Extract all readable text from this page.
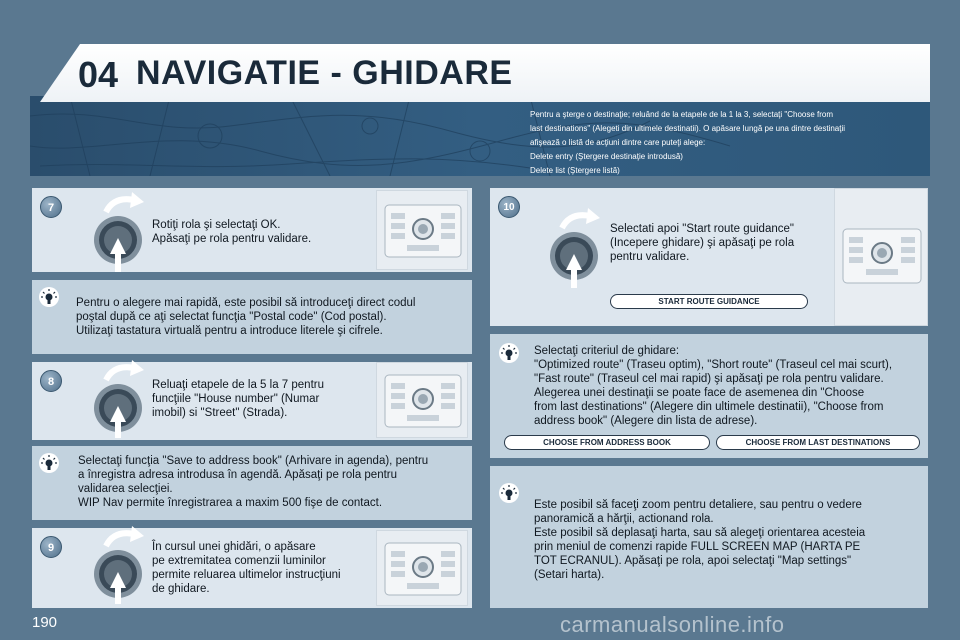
04 NAVIGATIE - GHIDARE
Pentru a şterge o destinaţie; reluând de la etapele de la 1 la 3, selectaţi "Choose from
last destinations" (Alegeti din ultimele destinatii). O apăsare lungă pe una dintre destinaţii
afişează o listă de acţiuni dintre care puteţi alege:
Delete entry (Ştergere destinaţie introdusă)
Delete list (Ştergere listă)
7
Rotiţi rola şi selectaţi OK.
Apăsaţi pe rola pentru validare.
Pentru o alegere mai rapidă, este posibil să introduceţi direct codul
poştal după ce aţi selectat funcţia "Postal code" (Cod postal).
Utilizaţi tastatura virtuală pentru a introduce literele şi cifrele.
8	Reluaţi etapele de la 5 la 7 pentru
funcţiile "House number" (Numar
imobil) si "Street" (Strada).
Selectaţi funcţia "Save to address book" (Arhivare in agenda), pentru
a înregistra adresa introdusa în agendă. Apăsaţi pe rola pentru
validarea selecţiei.
WIP Nav permite înregistrarea a maxim 500 fişe de contact.
9	În cursul unei ghidări, o apăsare
pe extremitatea comenzii luminilor
permite reluarea ultimelor instrucţiuni
de ghidare.
10
Selectati apoi "Start route guidance"
(Incepere ghidare) şi apăsaţi pe rola
pentru validare.
START ROUTE GUIDANCE
Selectaţi criteriul de ghidare:
"Optimized route" (Traseu optim), "Short route" (Traseul cel mai scurt),
"Fast route" (Traseul cel mai rapid) şi apăsaţi pe rola pentru validare.
Alegerea unei destinaţii se poate face de asemenea din "Choose
from last destinations" (Alegere din ultimele destinatii), "Choose from
address book" (Alegere din lista de adrese).
CHOOSE FROM ADDRESS BOOK	CHOOSE FROM LAST DESTINATIONS
Este posibil să faceţi zoom pentru detaliere, sau pentru o vedere
panoramică a hărţii, actionand rola.
Este posibil să deplasaţi harta, sau să alegeţi orientarea acesteia
prin meniul de comenzi rapide FULL SCREEN MAP (HARTA PE
TOT ECRANUL). Apăsaţi pe rola, apoi selectaţi "Map settings"
(Setari harta).
190	carmanualsonline.info
